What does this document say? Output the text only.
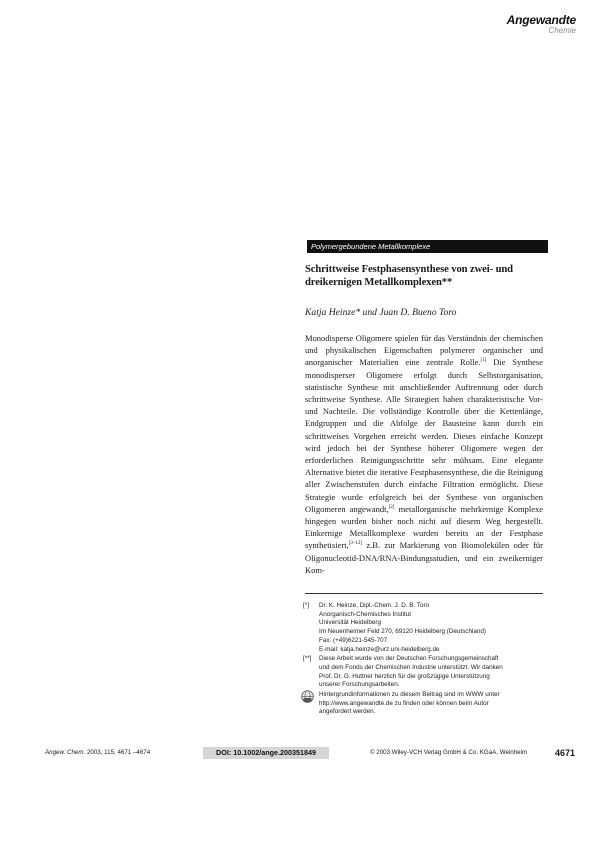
Angewandte
Chemie
Polymergebundene Metallkomplexe
Schrittweise Festphasensynthese von zwei- und
dreikernigen Metallkomplexen**
Katja Heinze* und Juan D. Bueno Toro

Monodisperse Oligomere spielen für das Verständnis der chemischen und physikalischen Eigenschaften polymerer organischer und anorganischer Materialien eine zentrale Rolle.[1] Die Synthese monodisperser Oligomere erfolgt durch Selbstorganisation, statistische Synthese mit anschließender Auftrennung oder durch schrittweise Synthese. Alle Strategien haben charakteristische Vor- und Nachteile. Die vollständige Kontrolle über die Kettenlänge, Endgruppen und die Abfolge der Bausteine kann durch ein schrittweises Vorgehen erreicht werden. Dieses einfache Konzept wird jedoch bei der Synthese höherer Oligomere wegen der erforderlichen Reinigungsschritte sehr mühsam. Eine elegante Alternative bietet die iterative Festphasensynthese, die die Reinigung aller Zwischenstufen durch einfache Filtration ermöglicht. Diese Strategie wurde erfolgreich bei der Synthese von organischen Oligomeren angewandt,[2] metallorganische mehrkernige Komplexe hingegen wurden bisher noch nicht auf diesem Weg hergestellt. Einkernige Metallkomplexe wurden bereits an der Festphase synthetisiert,[3–12] z.B. zur Markierung von Biomolekülen oder für Oligonucleotid-DNA/RNA-Bindungsstudien, und ein zweikerniger Kom-

[*] Dr. K. Heinze, Dipl.-Chem. J. D. B. Toro
Anorganisch-Chemisches Institut
Universität Heidelberg
Im Neuenheimer Feld 270, 69120 Heidelberg (Deutschland)
Fax: (+49)6221-545-707
E-mail: katja.heinze@urz.uni-heidelberg.de
[**] Diese Arbeit wurde von der Deutschen Forschungsgemeinschaft
und dem Fonds der Chemischen Industrie unterstützt. Wir danken
Prof. Dr. G. Huttner herzlich für die großzügige Unterstützung
unserer Forschungsarbeiten.
Hintergrundinformationen zu diesem Beitrag sind im WWW unter
http://www.angewandte.de zu finden oder können beim Autor
angefordert werden.
Angew. Chem. 2003, 115, 4671 –4674	DOI: 10.1002/ange.200351849	© 2003 Wiley-VCH Verlag GmbH & Co. KGaA, Weinheim	4671
